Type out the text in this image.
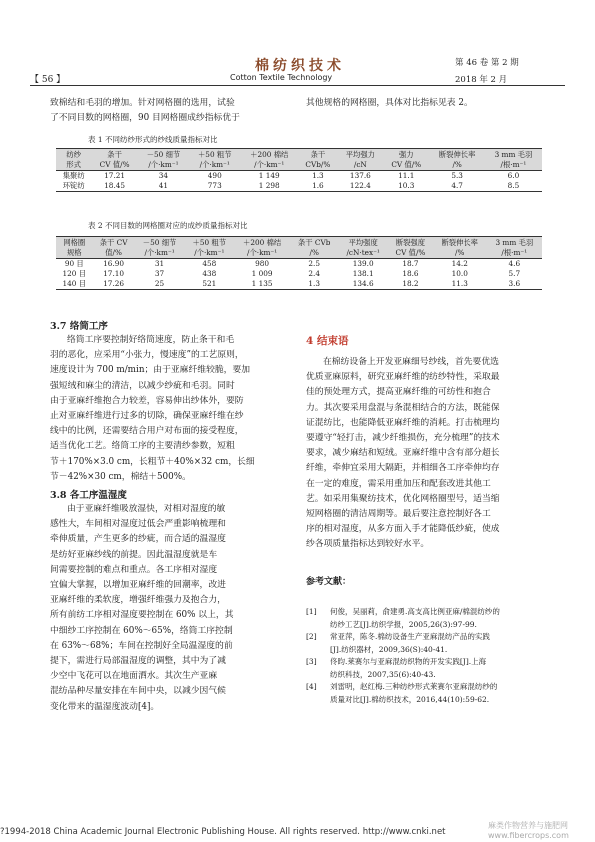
棉纺织技术
Cotton Textile Technology
【 56 】
第 46 卷 第 2 期
2018 年 2 月
致棉结和毛羽的增加。针对网格圈的选用，试验
了不同目数的网格圈，90 目网格圈成纱指标优于
其他规格的网格圈，具体对比指标见表 2。
表 1 不同纺纱形式的纱线质量指标对比
纺纱	条干	－50 细节	＋50 粗节	＋200 棉结	条干	平均强力	强力	断裂伸长率	3 mm 毛羽
形式	CV 值/%	/个·km⁻¹	/个·km⁻¹	/个·km⁻¹	CVb/%	/cN	CV 值/%	/%	/根·m⁻¹
集聚纺	17.21	34	490	1 149	1.3	137.6	11.1	5.3	6.0
环锭纺	18.45	41	773	1 298	1.6	122.4	10.3	4.7	8.5
表 2 不同目数的网格圈对应的成纱质量指标对比
网格圈	条干 CV	－50 细节	＋50 粗节	＋200 棉结	条干 CVb	平均强度	断裂强度	断裂伸长率	3 mm 毛羽
规格	值/%	/个·km⁻¹	/个·km⁻¹	/个·km⁻¹	/%	/cN·tex⁻¹	CV 值/%	/%	/根·m⁻¹
90 目	16.90	31	458	980	2.5	139.0	18.7	14.2	4.6
120 目	17.10	37	438	1 009	2.4	138.1	18.6	10.0	5.7
140 目	17.26	25	521	1 135	1.3	134.6	18.2	11.3	3.6
3.7 络筒工序
络筒工序要控制好络筒速度，防止条干和毛
羽的恶化，应采用“小张力，慢速度”的工艺原则，
速度设计为 700 m/min；由于亚麻纤维较脆，要加
强短绒和麻尘的清洁，以减少纱疵和毛羽。同时
由于亚麻纤维抱合力较差，容易伸出纱体外，要防
止对亚麻纤维进行过多的切除，确保亚麻纤维在纱
线中的比例，还需要结合用户对布面的接受程度，
适当优化工艺。络筒工序的主要清纱参数，短粗
节＋170%×3.0 cm，长粗节＋40%×32 cm，长细
节－42%×30 cm，棉结＋500%。
3.8 各工序温湿度
由于亚麻纤维吸放湿快，对相对湿度的敏
感性大，车间相对湿度过低会严重影响梳理和
牵伸质量，产生更多的纱疵，而合适的温湿度
是纺好亚麻纱线的前提。因此温湿度就是车
间需要控制的难点和重点。各工序相对湿度
宜偏大掌握，以增加亚麻纤维的回潮率，改进
亚麻纤维的柔软度，增强纤维强力及抱合力，
所有前纺工序相对湿度要控制在 60% 以上，其
中细纱工序控制在 60%～65%，络筒工序控制
在 63%～68%；车间在控制好全局温湿度的前
提下，需进行局部温湿度的调整，其中为了减
少空中飞花可以在地面洒水。其次生产亚麻
混纺品种尽量安排在车间中央，以减少因气候
变化带来的温湿度波动[4]。
4 结束语
在棉纺设备上开发亚麻细号纱线，首先要优选
优质亚麻原料，研究亚麻纤维的纺纱特性，采取最
佳的预处理方式，提高亚麻纤维的可纺性和抱合
力。其次要采用盘混与条混相结合的方法，既能保
证混纺比，也能降低亚麻纤维的消耗。打击梳理均
要遵守“轻打击，减少纤维损伤，充分梳理”的技术
要求，减少麻结和短绒。亚麻纤维中含有部分超长
纤维，牵伸宜采用大隔距，并相细各工序牵伸均存
在一定的难度，需采用重加压和配套改进其他工
艺。如采用集聚纺技术，优化网格圈型号，适当缩
短网格圈的清洁周期等。最后要注意控制好各工
序的相对湿度，从多方面入手才能降低纱疵，使成
纱各项质量指标达到较好水平。
参考文献：
[1]	何俊，吴丽莉，俞建勇.高支高比例亚麻/棉混纺纱的
纺纱工艺[J].纺织学报，2005,26(3):97-99.
[2]	常亚萍，陈冬.棉纺设备生产亚麻混纺产品的实践
[J].纺织器材，2009,36(S):40-41.
[3]	佟昀.莱赛尔与亚麻混纺织物的开发实践[J].上海
纺织科技，2007,35(6):40-43.
[4]	刘雷明，赵红梅.三种纺纱形式莱赛尔亚麻混纺纱的
质量对比[J].棉纺织技术，2016,44(10):59-62.
麻类作物营养与施肥网 www.fibercrops.com
?1994-2018 China Academic Journal Electronic Publishing House. All rights reserved. http://www.cnki.net
